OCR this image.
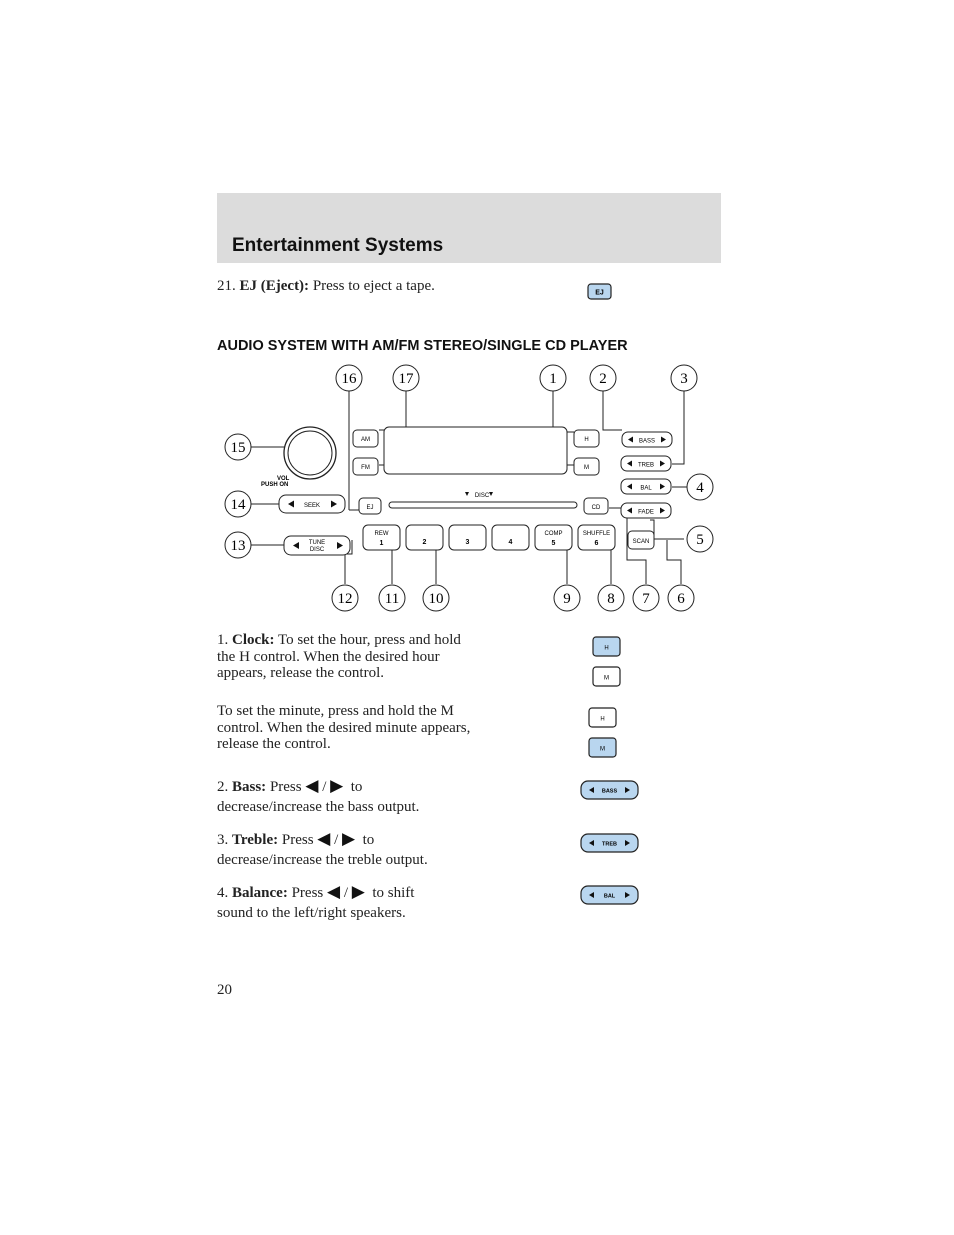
Entertainment Systems
21. EJ (Eject): Press to eject a tape.	EJ
AUDIO SYSTEM WITH AM/FM STEREO/SINGLE CD PLAYER
VOL
PUSH ON
AM
FM
H
M
BASS
TREB
BAL
FADE
SEEK
TUNE
DISC
EJ
DISC
CD
REW
1	2	3	4
COMP
5
SHUFFLE
6	SCAN
16	17	1	2	3
15
4
14
5
13
12 11 10	9 8 7 6
1. Clock: To set the hour, press and hold the H control. When the desired hour appears, release the control.
To set the minute, press and hold the M control. When the desired minute appears, release the control.
H
M
H
M
2. Bass: Press ◀ / ▶ to
decrease/increase the bass output.
BASS
3. Treble: Press ◀ / ▶ to
decrease/increase the treble output.
TREB
4. Balance: Press ◀ / ▶ to shift
sound to the left/right speakers.
BAL
20
